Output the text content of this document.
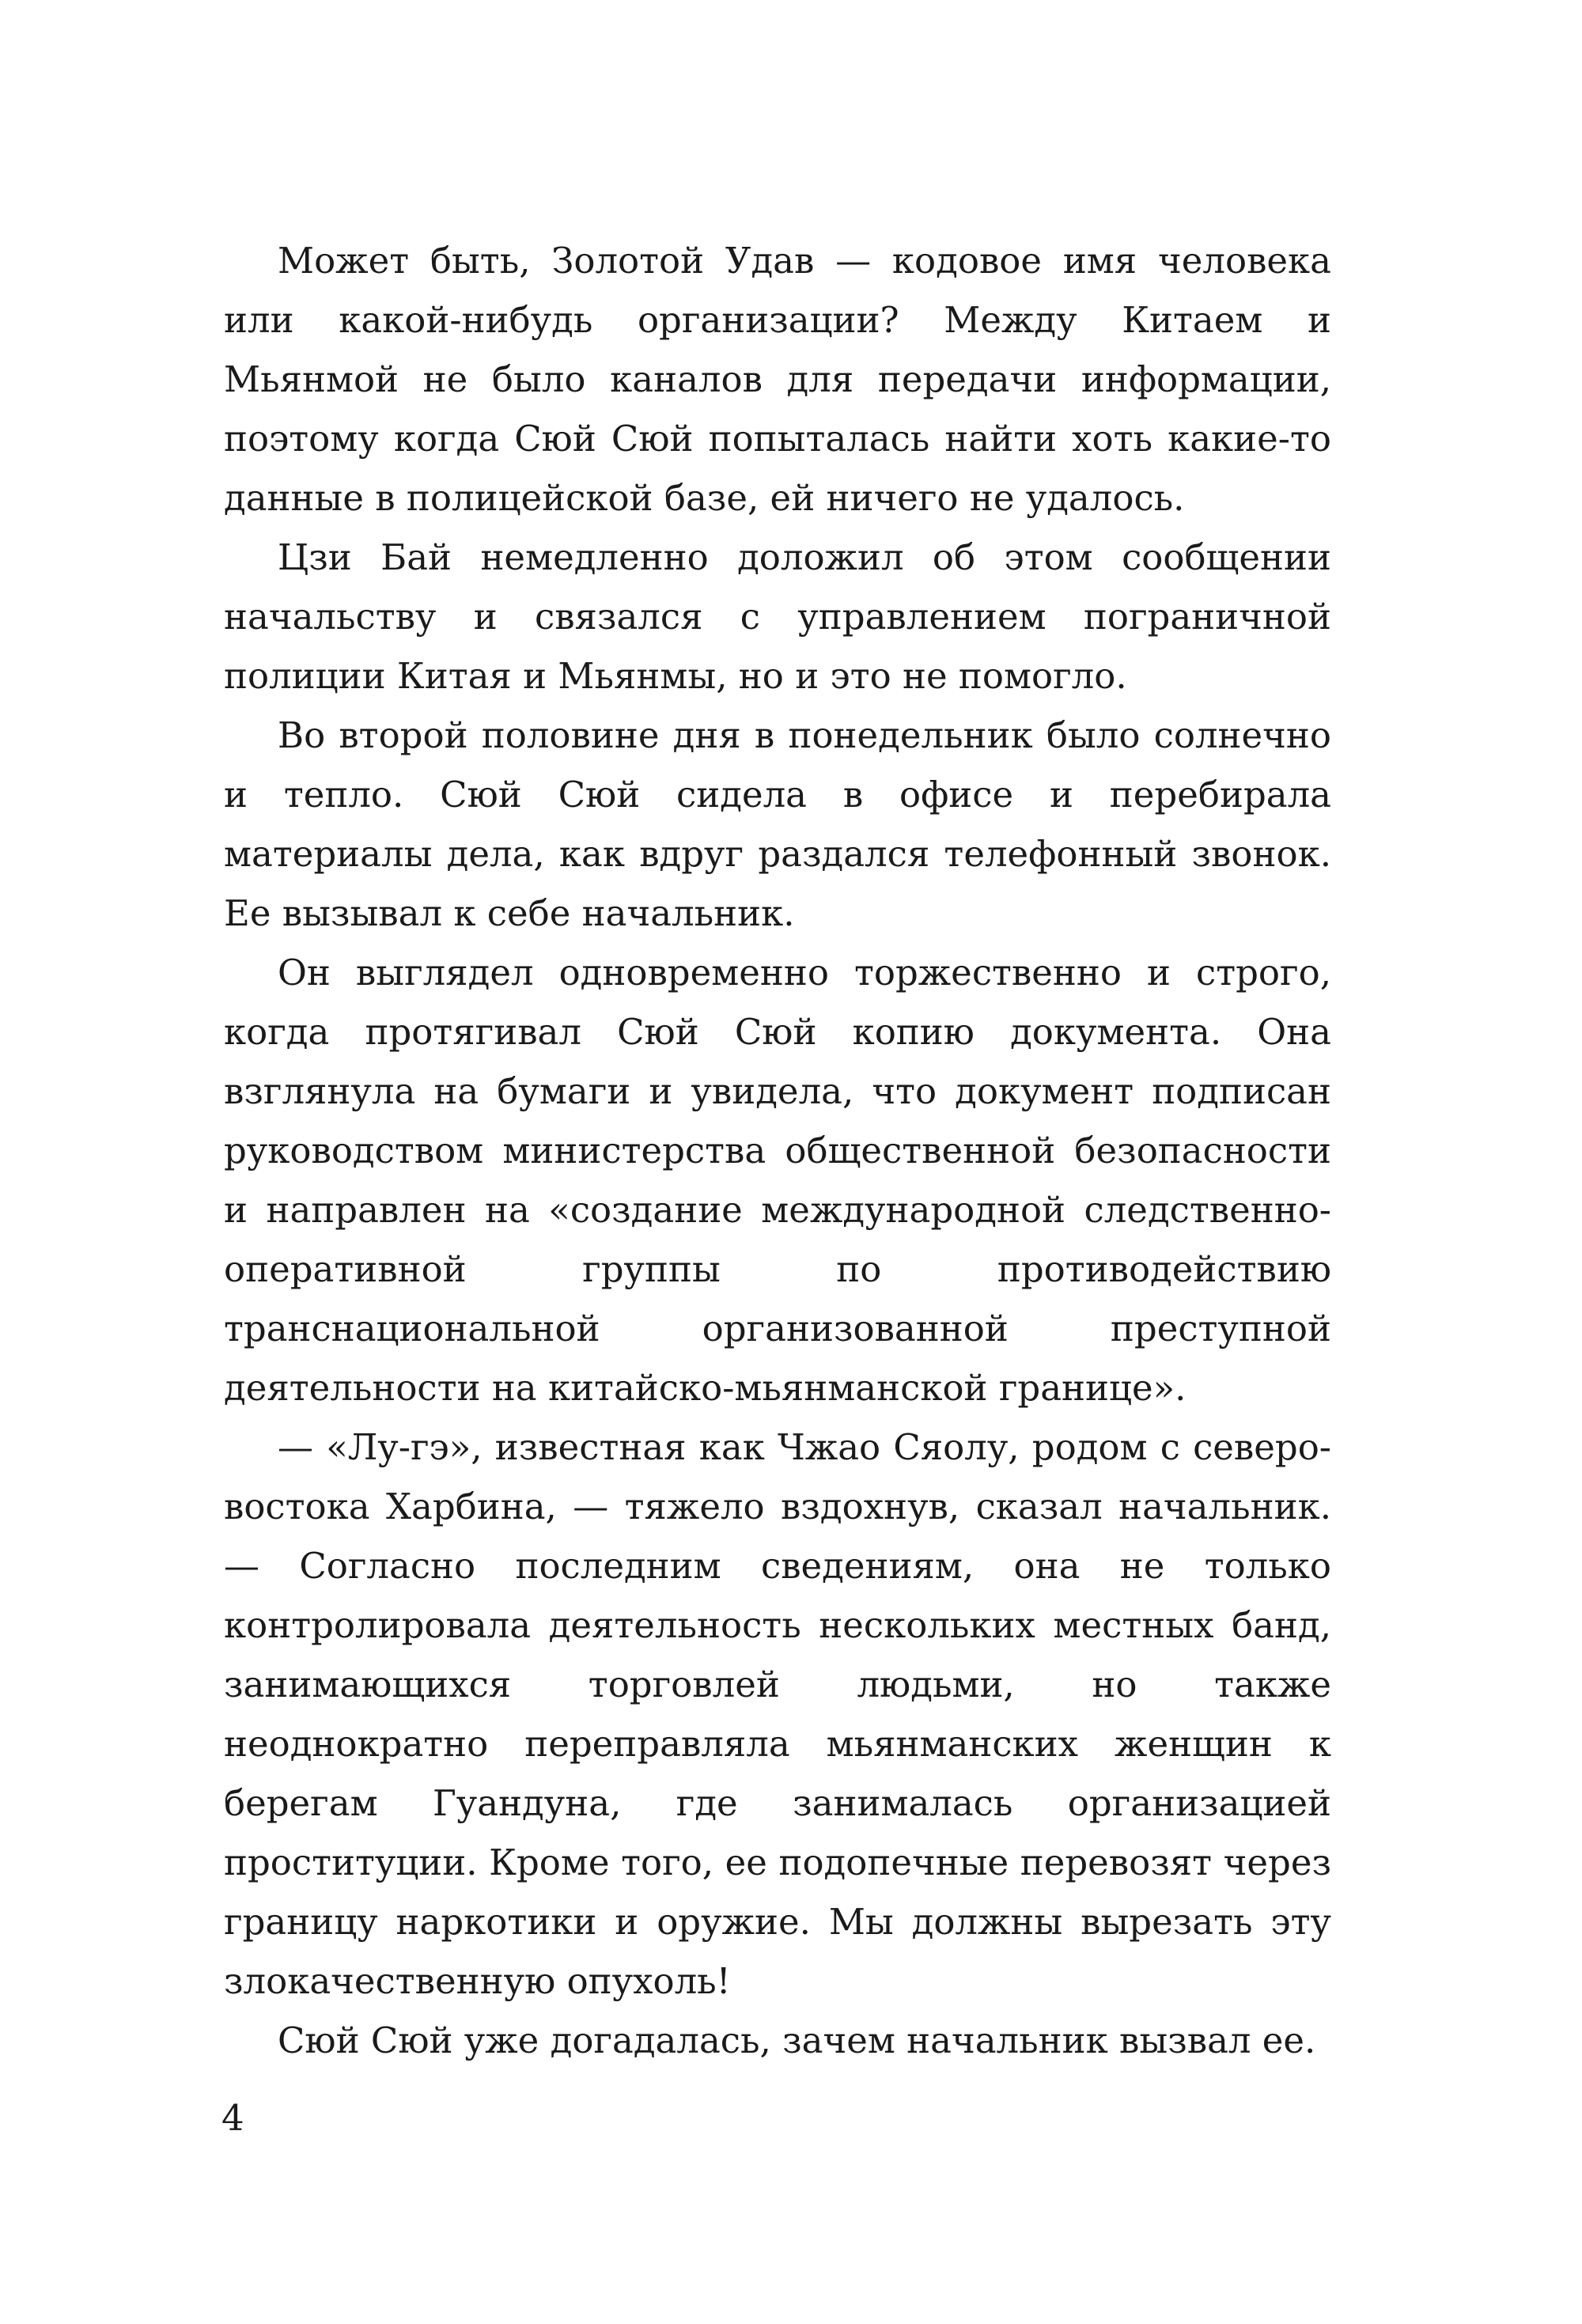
Может быть, Золотой Удав — кодовое имя человека или какой-нибудь организации? Между Китаем и Мьянмой не было каналов для передачи информации, поэтому когда Сюй Сюй попыталась найти хоть какие-то данные в полицейской базе, ей ничего не удалось.

Цзи Бай немедленно доложил об этом сообщении начальству и связался с управлением пограничной полиции Китая и Мьянмы, но и это не помогло.

Во второй половине дня в понедельник было солнечно и тепло. Сюй Сюй сидела в офисе и перебирала материалы дела, как вдруг раздался телефонный звонок. Ее вызывал к себе начальник.

Он выглядел одновременно торжественно и строго, когда протягивал Сюй Сюй копию документа. Она взглянула на бумаги и увидела, что документ подписан руководством министерства общественной безопасности и направлен на «создание международной следственно-оперативной группы по противодействию транснациональной организованной преступной деятельности на китайско-мьянманской границе».

— «Лу-гэ», известная как Чжао Сяолу, родом с северо-востока Харбина, — тяжело вздохнув, сказал начальник. — Согласно последним сведениям, она не только контролировала деятельность нескольких местных банд, занимающихся торговлей людьми, но также неоднократно переправляла мьянманских женщин к берегам Гуандуна, где занималась организацией проституции. Кроме того, ее подопечные перевозят через границу наркотики и оружие. Мы должны вырезать эту злокачественную опухоль!

Сюй Сюй уже догадалась, зачем начальник вызвал ее.

4
